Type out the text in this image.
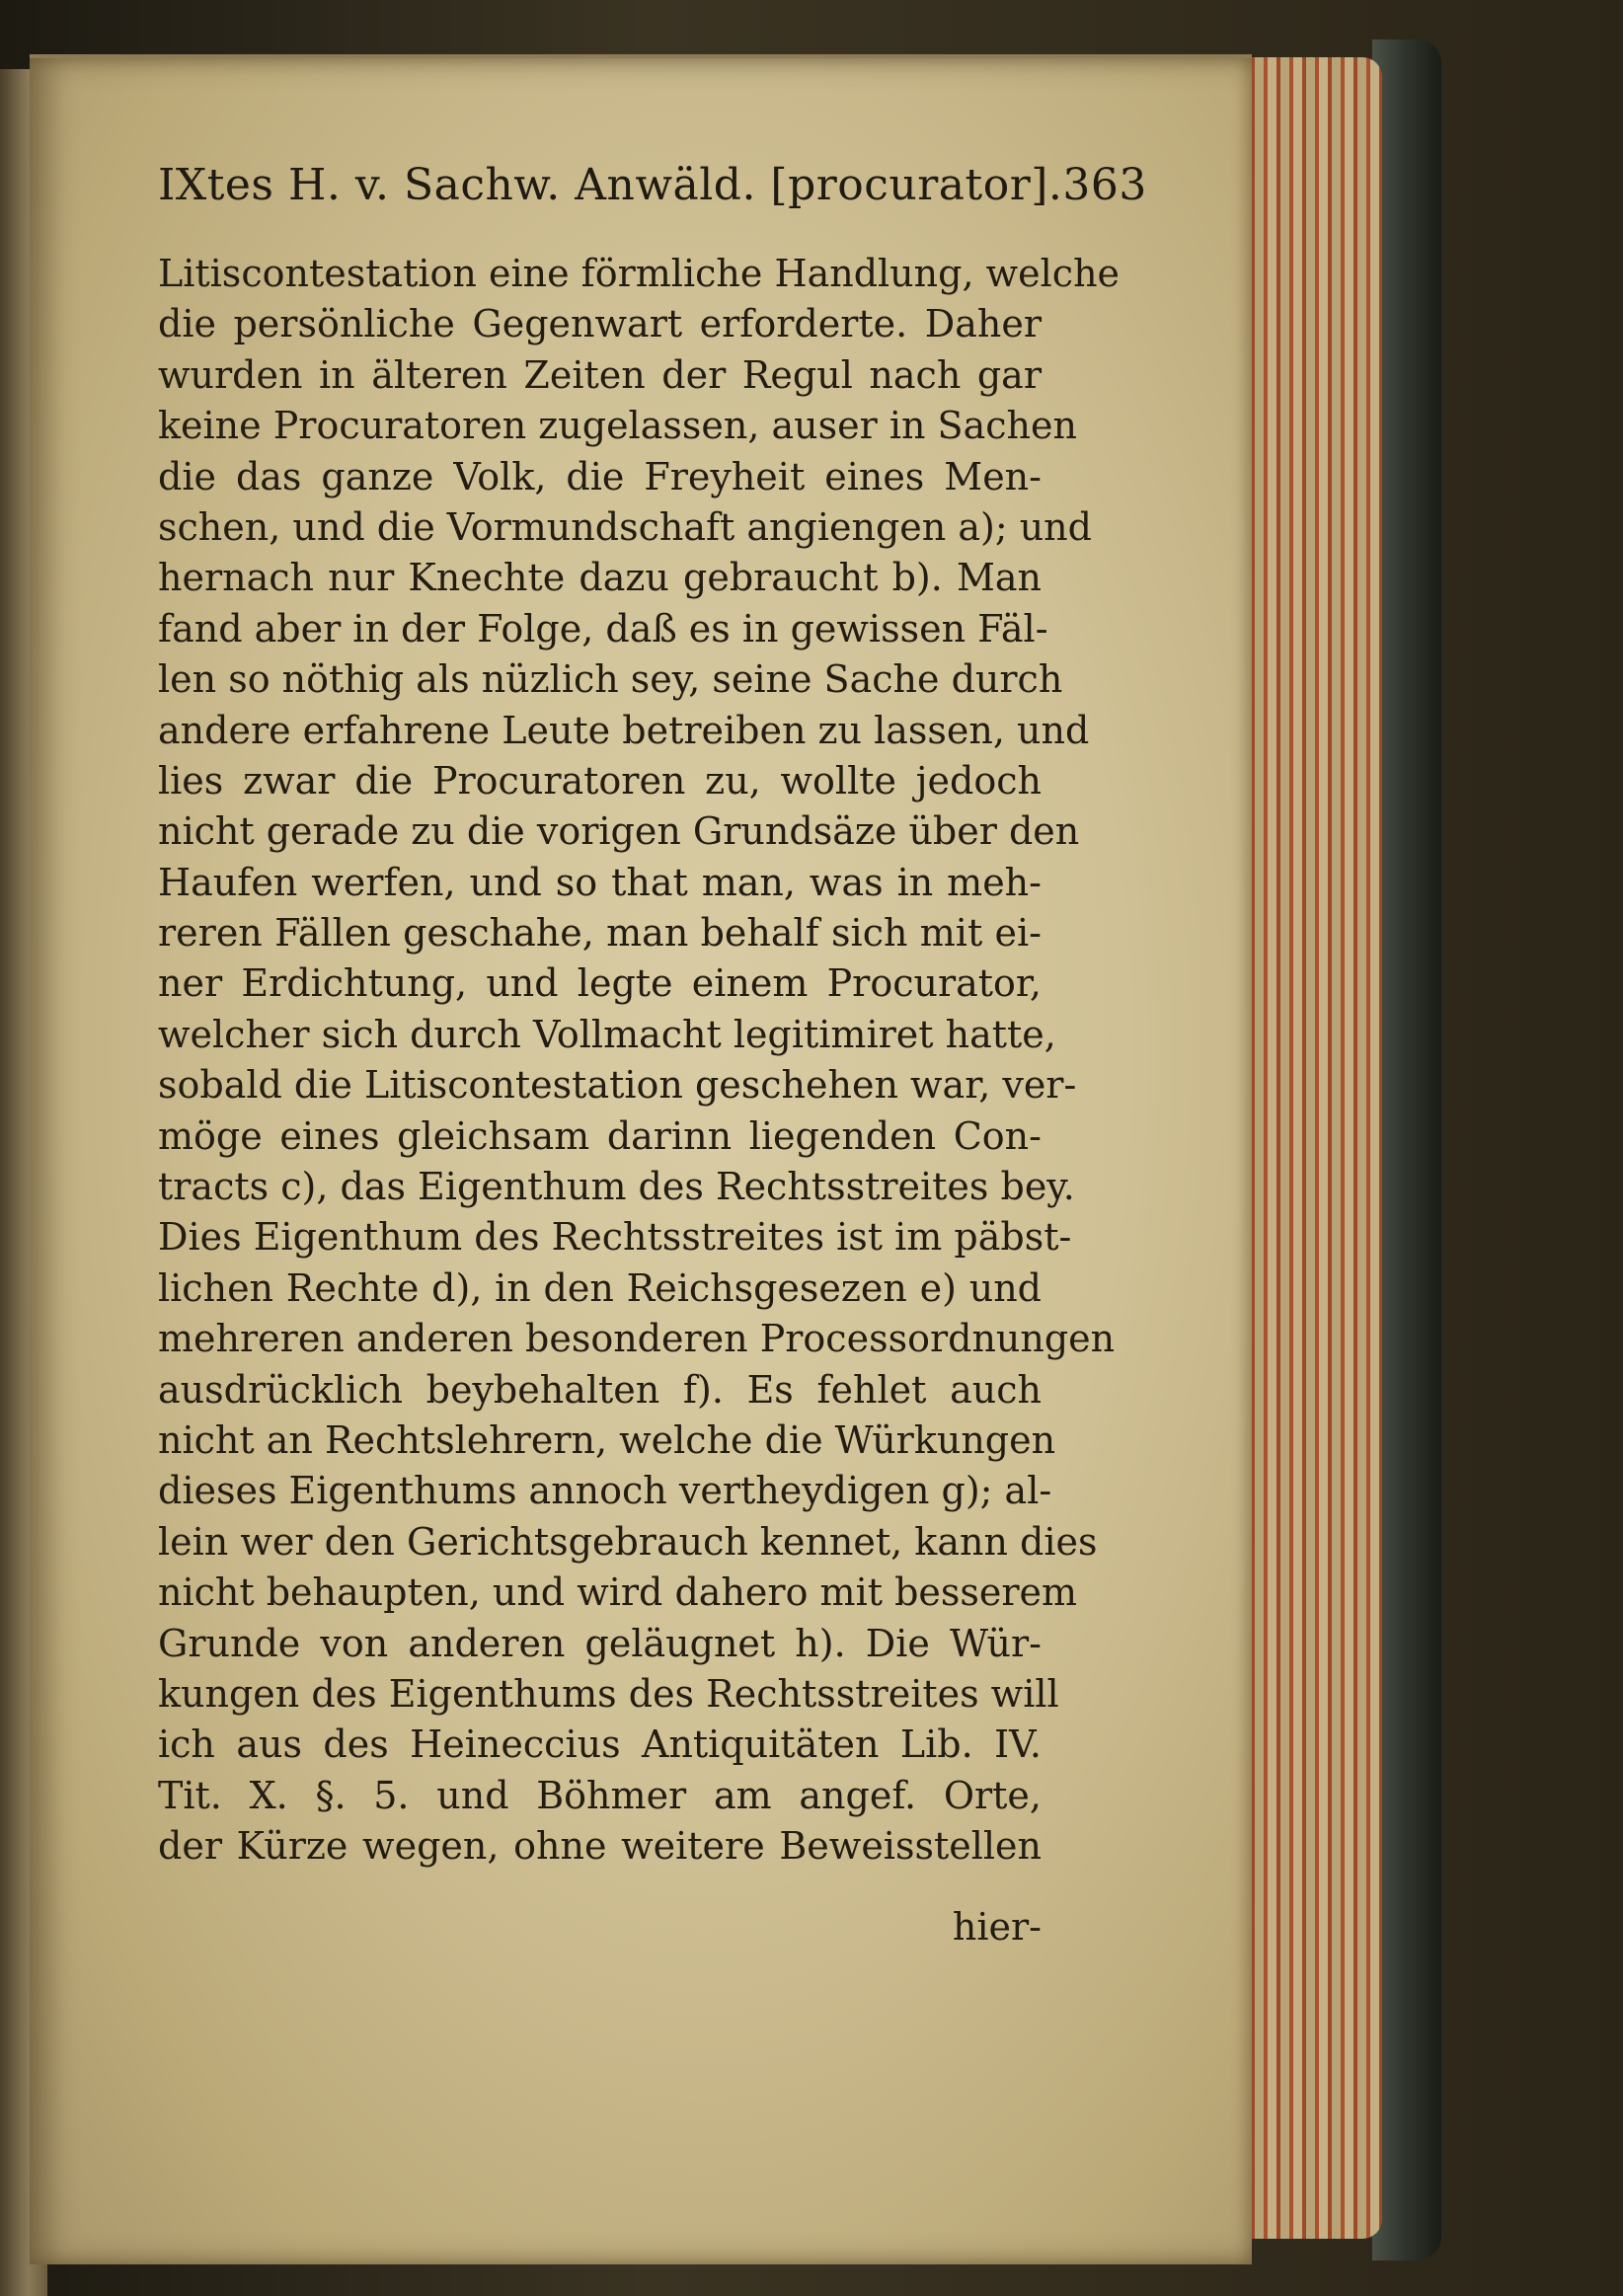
IXtes H. v. Sachw. Anwäld. [procurator]. 363
Litiscontestation eine förmliche Handlung, welche
die persönliche Gegenwart erforderte. Daher
wurden in älteren Zeiten der Regul nach gar
keine Procuratoren zugelassen, auser in Sachen
die das ganze Volk, die Freyheit eines Men-
schen, und die Vormundschaft angiengen a); und
hernach nur Knechte dazu gebraucht b). Man
fand aber in der Folge, daß es in gewissen Fäl-
len so nöthig als nüzlich sey, seine Sache durch
andere erfahrene Leute betreiben zu lassen, und
lies zwar die Procuratoren zu, wollte jedoch
nicht gerade zu die vorigen Grundsäze über den
Haufen werfen, und so that man, was in meh-
reren Fällen geschahe, man behalf sich mit ei-
ner Erdichtung, und legte einem Procurator,
welcher sich durch Vollmacht legitimiret hatte,
sobald die Litiscontestation geschehen war, ver-
möge eines gleichsam darinn liegenden Con-
tracts c), das Eigenthum des Rechtsstreites bey.
Dies Eigenthum des Rechtsstreites ist im päbst-
lichen Rechte d), in den Reichsgesezen e) und
mehreren anderen besonderen Processordnungen
ausdrücklich beybehalten f). Es fehlet auch
nicht an Rechtslehrern, welche die Würkungen
dieses Eigenthums annoch vertheydigen g); al-
lein wer den Gerichtsgebrauch kennet, kann dies
nicht behaupten, und wird dahero mit besserem
Grunde von anderen geläugnet h). Die Wür-
kungen des Eigenthums des Rechtsstreites will
ich aus des Heineccius Antiquitäten Lib. IV.
Tit. X. §. 5. und Böhmer am angef. Orte,
der Kürze wegen, ohne weitere Beweisstellen
hier-
